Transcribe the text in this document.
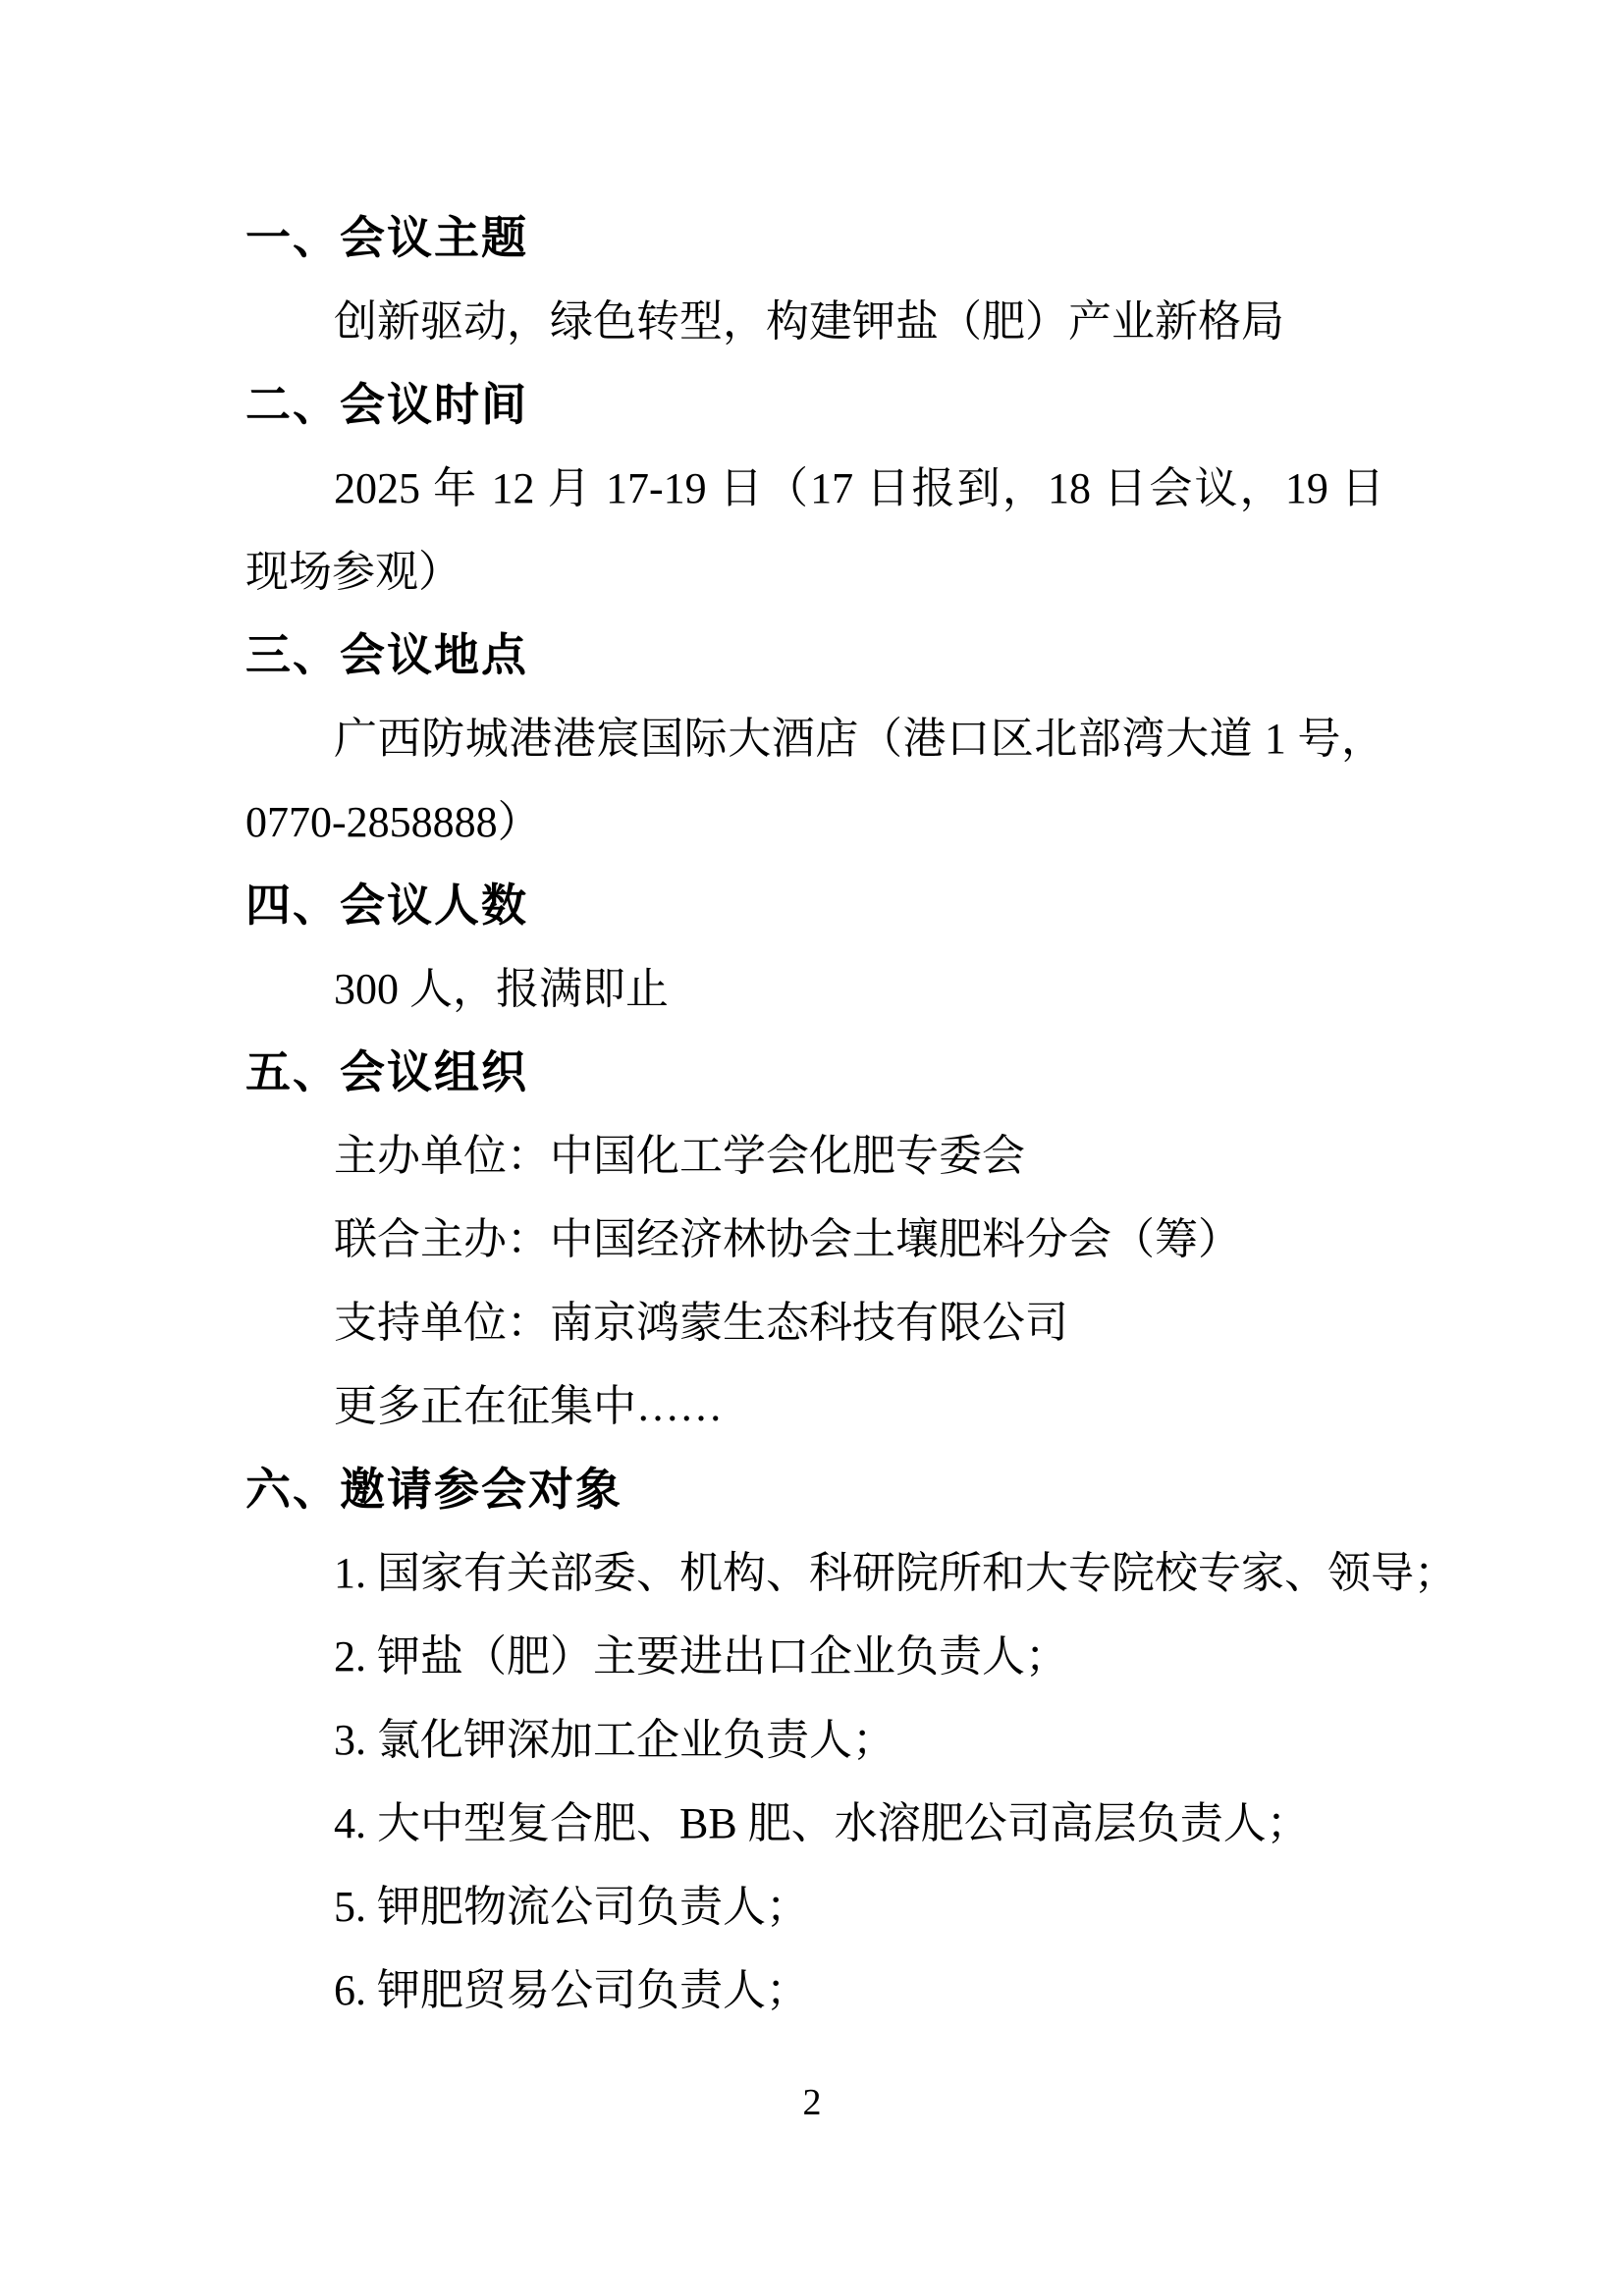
一、会议主题
创新驱动，绿色转型，构建钾盐（肥）产业新格局
二、会议时间
2025 年 12 月 17-19 日（17 日报到，18 日会议，19 日
现场参观）
三、会议地点
广西防城港港宸国际大酒店（港口区北部湾大道 1 号，
0770-2858888）
四、会议人数
300 人，报满即止
五、会议组织
主办单位：中国化工学会化肥专委会
联合主办：中国经济林协会土壤肥料分会（筹）
支持单位：南京鸿蒙生态科技有限公司
更多正在征集中……
六、邀请参会对象
1. 国家有关部委、机构、科研院所和大专院校专家、领导；
2. 钾盐（肥）主要进出口企业负责人；
3. 氯化钾深加工企业负责人；
4. 大中型复合肥、BB 肥、水溶肥公司高层负责人；
5. 钾肥物流公司负责人；
6. 钾肥贸易公司负责人；
2
